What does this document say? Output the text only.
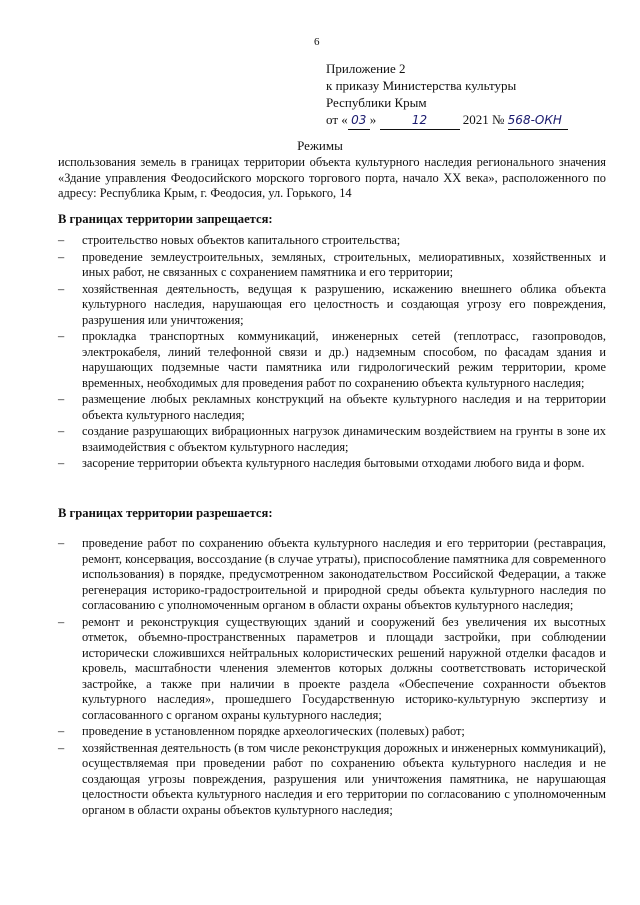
6
Приложение 2
к приказу Министерства культуры
Республики Крым
от « 03 »	12	2021 № 568-ОКН
Режимы
использования земель в границах территории объекта культурного наследия регионального значения «Здание управления Феодосийского морского торгового порта, начало XX века», расположенного по адресу: Республика Крым, г. Феодосия, ул. Горького, 14
В границах территории запрещается:
– строительство новых объектов капитального строительства;
– проведение землеустроительных, земляных, строительных, мелиоративных, хозяйственных и иных работ, не связанных с сохранением памятника и его территории;
– хозяйственная деятельность, ведущая к разрушению, искажению внешнего облика объекта культурного наследия, нарушающая его целостность и создающая угрозу его повреждения, разрушения или уничтожения;
– прокладка транспортных коммуникаций, инженерных сетей (теплотрасс, газопроводов, электрокабеля, линий телефонной связи и др.) надземным способом, по фасадам здания и нарушающих подземные части памятника или гидрологический режим территории, кроме временных, необходимых для проведения работ по сохранению объекта культурного наследия;
– размещение любых рекламных конструкций на объекте культурного наследия и на территории объекта культурного наследия;
– создание разрушающих вибрационных нагрузок динамическим воздействием на грунты в зоне их взаимодействия с объектом культурного наследия;
– засорение территории объекта культурного наследия бытовыми отходами любого вида и форм.
В границах территории разрешается:
– проведение работ по сохранению объекта культурного наследия и его территории (реставрация, ремонт, консервация, воссоздание (в случае утраты), приспособление памятника для современного использования) в порядке, предусмотренном законодательством Российской Федерации, а также регенерация историко-градостроительной и природной среды объекта культурного наследия по согласованию с уполномоченным органом в области охраны объектов культурного наследия;
– ремонт и реконструкция существующих зданий и сооружений без увеличения их высотных отметок, объемно-пространственных параметров и площади застройки, при соблюдении исторически сложившихся нейтральных колористических решений наружной отделки фасадов и кровель, масштабности членения элементов которых должны соответствовать исторической застройке, а также при наличии в проекте раздела «Обеспечение сохранности объектов культурного наследия», прошедшего Государственную историко-культурную экспертизу и согласованного с органом охраны культурного наследия;
– проведение в установленном порядке археологических (полевых) работ;
– хозяйственная деятельность (в том числе реконструкция дорожных и инженерных коммуникаций), осуществляемая при проведении работ по сохранению объекта культурного наследия и не создающая угрозы повреждения, разрушения или уничтожения памятника, не нарушающая целостности объекта культурного наследия и его территории по согласованию с уполномоченным органом в области охраны объектов культурного наследия;
